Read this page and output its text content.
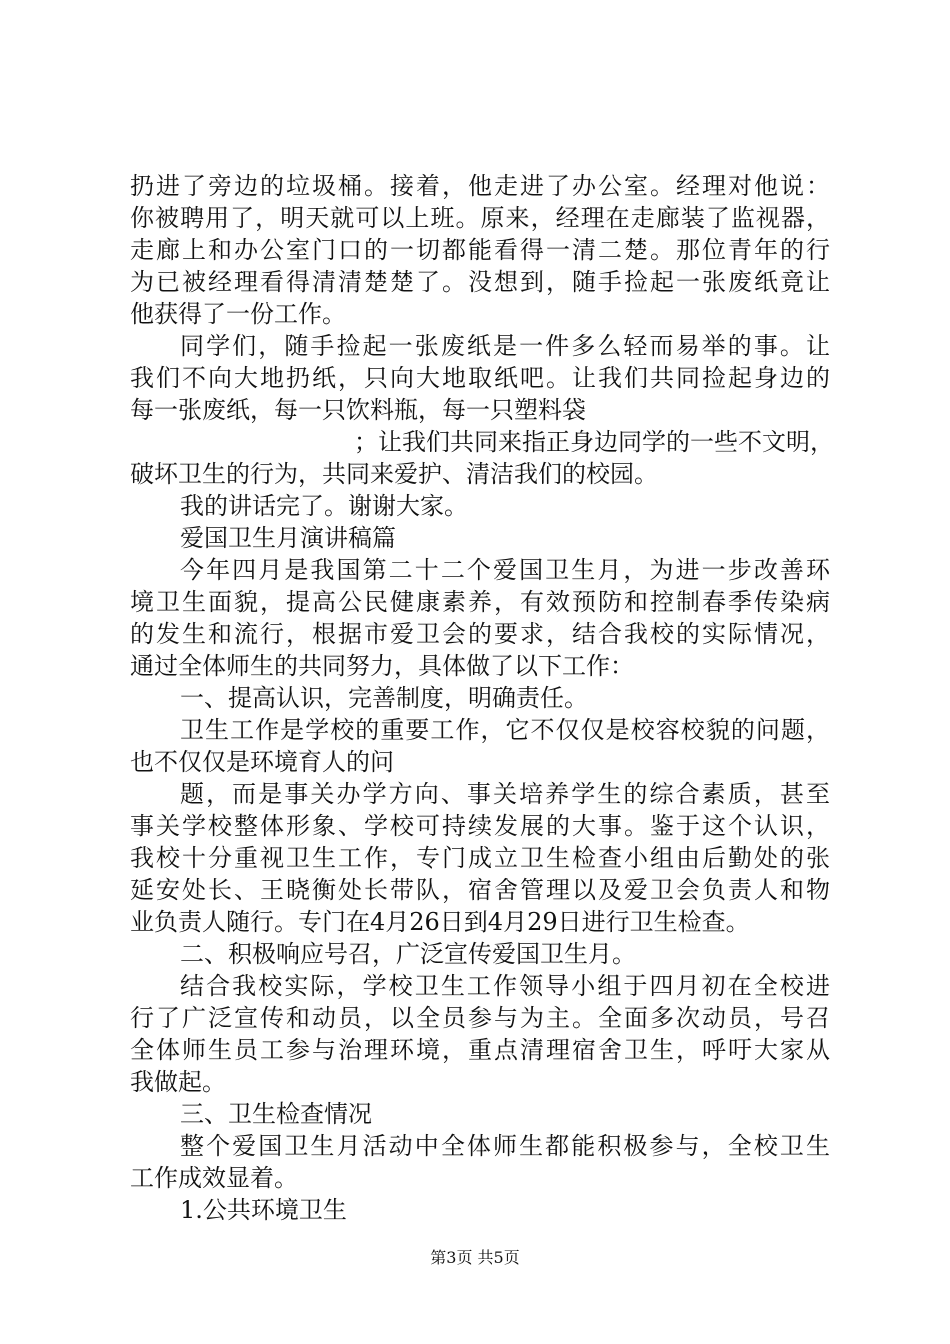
扔进了旁边的垃圾桶。接着，他走进了办公室。经理对他说：
你被聘用了，明天就可以上班。原来，经理在走廊装了监视器，
走廊上和办公室门口的一切都能看得一清二楚。那位青年的行
为已被经理看得清清楚楚了。没想到，随手捡起一张废纸竟让
他获得了一份工作。
同学们，随手捡起一张废纸是一件多么轻而易举的事。让
我们不向大地扔纸，只向大地取纸吧。让我们共同捡起身边的
每一张废纸，每一只饮料瓶，每一只塑料袋
；让我们共同来指正身边同学的一些不文明，
破坏卫生的行为，共同来爱护、清洁我们的校园。
我的讲话完了。谢谢大家。
爱国卫生月演讲稿篇
今年四月是我国第二十二个爱国卫生月，为进一步改善环
境卫生面貌，提高公民健康素养，有效预防和控制春季传染病
的发生和流行，根据市爱卫会的要求，结合我校的实际情况，
通过全体师生的共同努力，具体做了以下工作：
一、提高认识，完善制度，明确责任。
卫生工作是学校的重要工作，它不仅仅是校容校貌的问题，
也不仅仅是环境育人的问
题，而是事关办学方向、事关培养学生的综合素质，甚至
事关学校整体形象、学校可持续发展的大事。鉴于这个认识，
我校十分重视卫生工作，专门成立卫生检查小组由后勤处的张
延安处长、王晓衡处长带队，宿舍管理以及爱卫会负责人和物
业负责人随行。专门在4月26日到4月29日进行卫生检查。
二、积极响应号召，广泛宣传爱国卫生月。
结合我校实际，学校卫生工作领导小组于四月初在全校进
行了广泛宣传和动员，以全员参与为主。全面多次动员，号召
全体师生员工参与治理环境，重点清理宿舍卫生，呼吁大家从
我做起。
三、卫生检查情况
整个爱国卫生月活动中全体师生都能积极参与，全校卫生
工作成效显着。
1.公共环境卫生
第3页 共5页
